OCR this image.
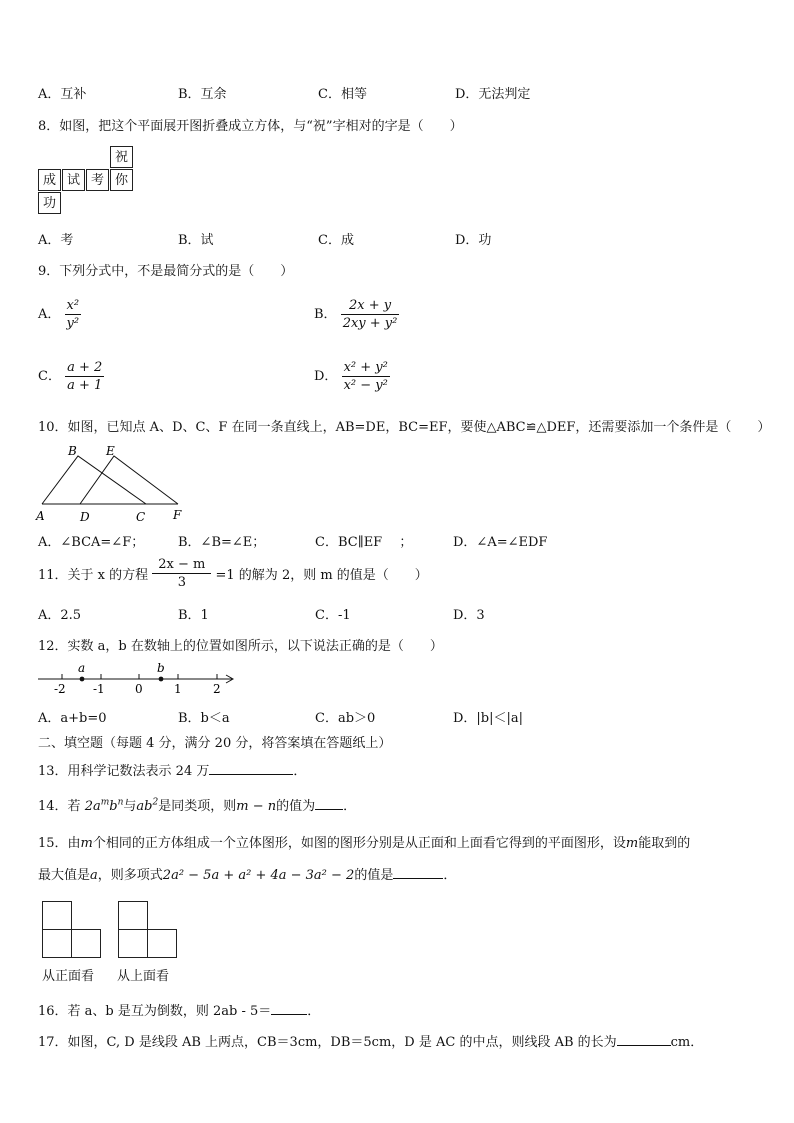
A．互补	B．互余	C．相等	D．无法判定
8．如图，把这个平面展开图折叠成立方体，与“祝”字相对的字是（　　）
祝
成 试 考 你
功
A．考	B．试	C．成	D．功
9．下列分式中，不是最简分式的是（　　）
A． $\frac{\text{x²}}{\text{y²}}$	B． $\frac{2x + y}{\text{2xy + y²}}$
C． $\frac{a + 2}{a + 1}$	D． $\frac{\text{x² + y²}}{\text{x² − y²}}$
10．如图，已知点 A、D、C、F 在同一条直线上，AB=DE，BC=EF，要使△ABC≌△DEF，还需要添加一个条件是（　　）
B E
A	D	C F
A．∠BCA=∠F；	B．∠B=∠E；	C．BC∥EF　 ；	D．∠A=∠EDF
11．关于 x 的方程 $\frac{2x - m}{3} =1$ 的解为 2，则 m 的值是（　　）
A．2.5	B．1	C．-1	D．3
12．实数 a，b 在数轴上的位置如图所示，以下说法正确的是（　　）
a	b
-2 -1	0	1	2
A．a+b=0	B．b＜a	C．ab＞0	D．|b|＜|a|
二、填空题（每题 4 分，满分 20 分，将答案填在答题纸上）
13．用科学记数法表示 24 万	．
14．若 $2a^mb^n$与$ab^2$是同类项，则m − n的值为 ．
15．由m个相同的正方体组成一个立体图形，如图的图形分别是从正面和上面看它得到的平面图形，设m能取到的
最大值是a，则多项式2a² − 5a + a² + 4a − 3a² − 2的值是	．
从正面看 从上面看
16．若 a、b 是互为倒数，则 2ab - 5＝	．
17．如图，C, D 是线段 AB 上两点，CB＝3cm，DB＝5cm，D 是 AC 的中点，则线段 AB 的长为	cm．
